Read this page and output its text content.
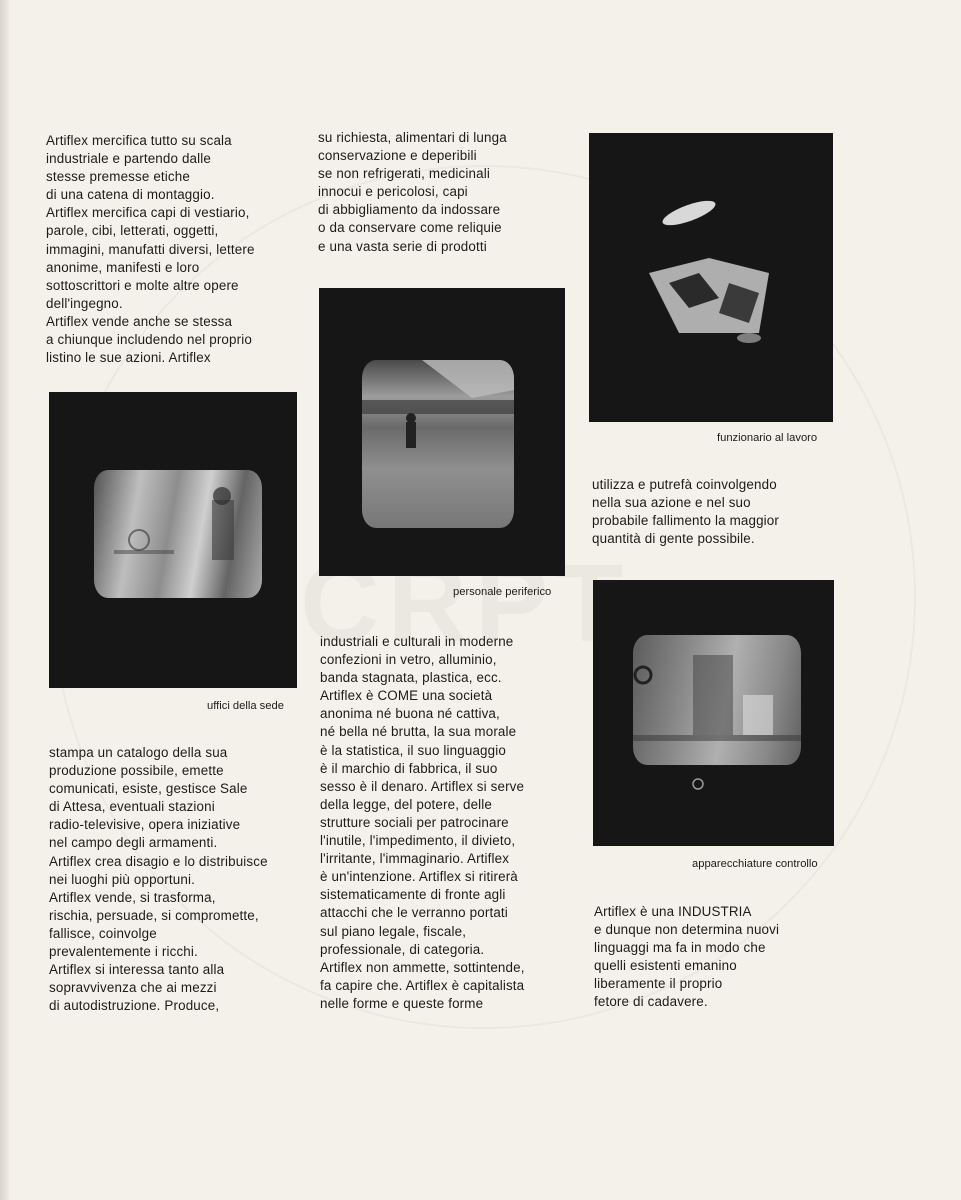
Artiflex mercifica tutto su scala
industriale e partendo dalle
stesse premesse etiche
di una catena di montaggio.
Artiflex mercifica capi di vestiario,
parole, cibi, letterati, oggetti,
immagini, manufatti diversi, lettere
anonime, manifesti e loro
sottoscrittori e molte altre opere
dell'ingegno.
Artiflex vende anche se stessa
a chiunque includendo nel proprio
listino le sue azioni. Artiflex

uffici della sede

stampa un catalogo della sua
produzione possibile, emette
comunicati, esiste, gestisce Sale
di Attesa, eventuali stazioni
radio-televisive, opera iniziative
nel campo degli armamenti.
Artiflex crea disagio e lo distribuisce
nei luoghi più opportuni.
Artiflex vende, si trasforma,
rischia, persuade, si compromette,
fallisce, coinvolge
prevalentemente i ricchi.
Artiflex si interessa tanto alla
sopravvivenza che ai mezzi
di autodistruzione. Produce,

su richiesta, alimentari di lunga
conservazione e deperibili
se non refrigerati, medicinali
innocui e pericolosi, capi
di abbigliamento da indossare
o da conservare come reliquie
e una vasta serie di prodotti

personale periferico

industriali e culturali in moderne
confezioni in vetro, alluminio,
banda stagnata, plastica, ecc.
Artiflex è COME una società
anonima né buona né cattiva,
né bella né brutta, la sua morale
è la statistica, il suo linguaggio
è il marchio di fabbrica, il suo
sesso è il denaro. Artiflex si serve
della legge, del potere, delle
strutture sociali per patrocinare
l'inutile, l'impedimento, il divieto,
l'irritante, l'immaginario. Artiflex
è un'intenzione. Artiflex si ritirerà
sistematicamente di fronte agli
attacchi che le verranno portati
sul piano legale, fiscale,
professionale, di categoria.
Artiflex non ammette, sottintende,
fa capire che. Artiflex è capitalista
nelle forme e queste forme

funzionario al lavoro

utilizza e putrefà coinvolgendo
nella sua azione e nel suo
probabile fallimento la maggior
quantità di gente possibile.

apparecchiature controllo

Artiflex è una INDUSTRIA
e dunque non determina nuovi
linguaggi ma fa in modo che
quelli esistenti emanino
liberamente il proprio
fetore di cadavere.
